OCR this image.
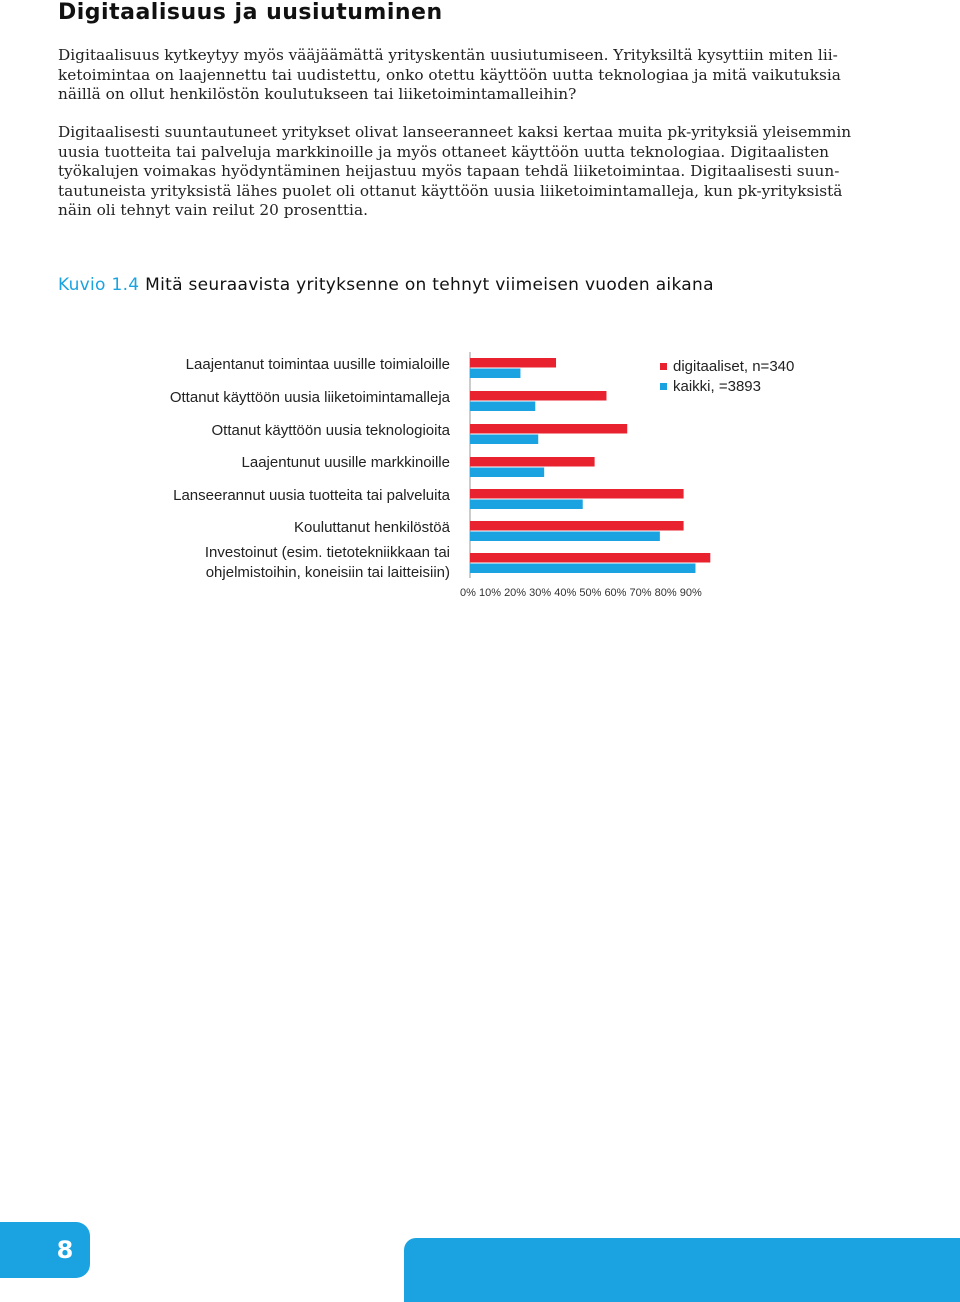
Digitaalisuus ja uusiutuminen
Digitaalisuus kytkeytyy myös vääjäämättä yrityskentän uusiutumiseen. Yrityksiltä kysyttiin miten lii-
ketoimintaa on laajennettu tai uudistettu, onko otettu käyttöön uutta teknologiaa ja mitä vaikutuksia
näillä on ollut henkilöstön koulutukseen tai liiketoimintamalleihin?
Digitaalisesti suuntautuneet yritykset olivat lanseeranneet kaksi kertaa muita pk-yrityksiä yleisemmin
uusia tuotteita tai palveluja markkinoille ja myös ottaneet käyttöön uutta teknologiaa. Digitaalisten
työkalujen voimakas hyödyntäminen heijastuu myös tapaan tehdä liiketoimintaa. Digitaalisesti suun-
tautuneista yrityksistä lähes puolet oli ottanut käyttöön uusia liiketoimintamalleja, kun pk-yrityksistä
näin oli tehnyt vain reilut 20 prosenttia.
Kuvio 1.4 Mitä seuraavista yrityksenne on tehnyt viimeisen vuoden aikana
Laajentanut toimintaa uusille toimialoille
Ottanut käyttöön uusia liiketoimintamalleja
Ottanut käyttöön uusia teknologioita
Laajentunut uusille markkinoille
Lanseerannut uusia tuotteita tai palveluita
Kouluttanut henkilöstöä
Investoinut (esim. tietotekniikkaan tai
ohjelmistoihin, koneisiin tai laitteisiin)
digitaaliset, n=340
kaikki, =3893
0% 10% 20% 30% 40% 50% 60% 70% 80% 90%
8
